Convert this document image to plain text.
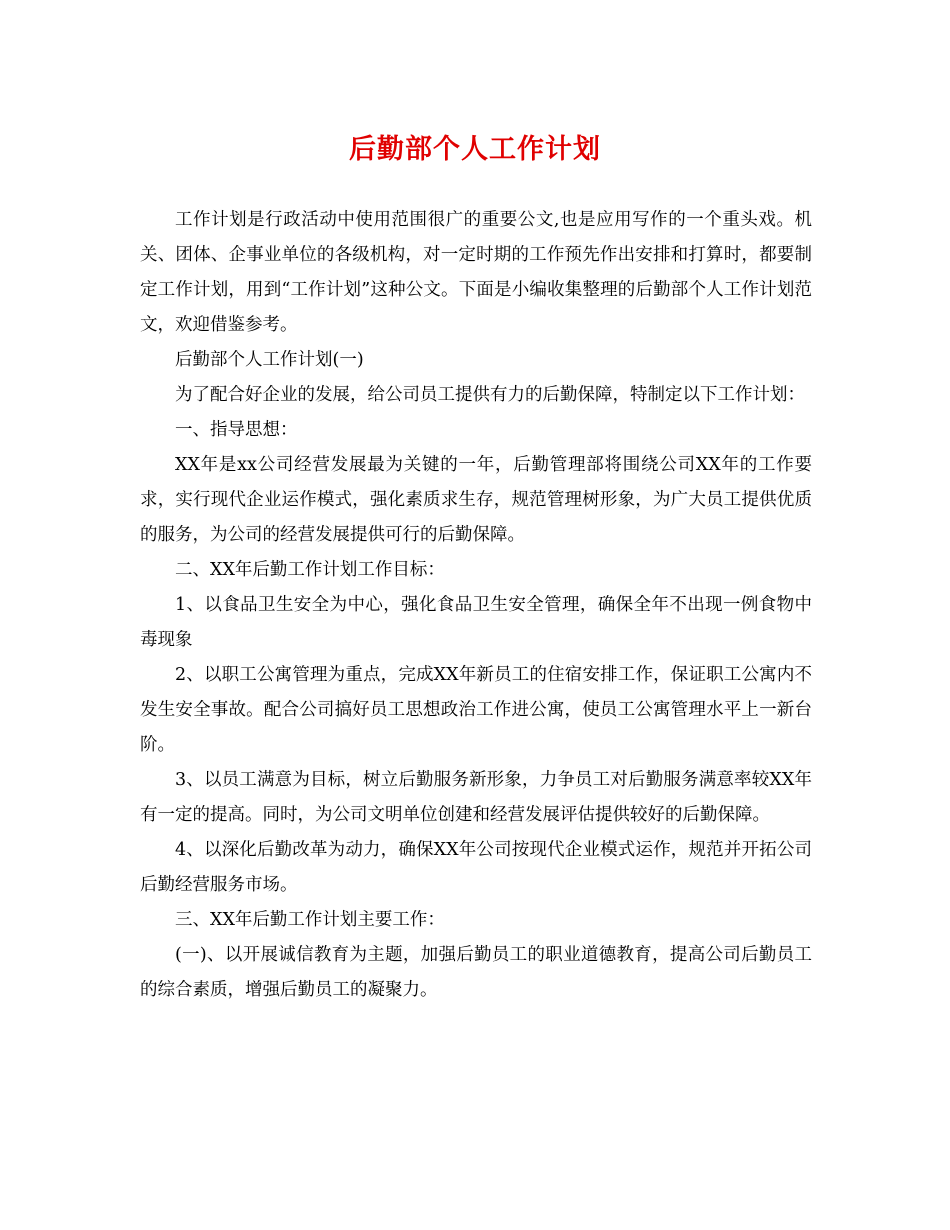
后勤部个人工作计划

工作计划是行政活动中使用范围很广的重要公文,也是应用写作的一个重头戏。机关、团体、企事业单位的各级机构，对一定时期的工作预先作出安排和打算时，都要制定工作计划，用到“工作计划”这种公文。下面是小编收集整理的后勤部个人工作计划范文，欢迎借鉴参考。

后勤部个人工作计划(一)

为了配合好企业的发展，给公司员工提供有力的后勤保障，特制定以下工作计划：

一、指导思想：

XX年是xx公司经营发展最为关键的一年，后勤管理部将围绕公司XX年的工作要求，实行现代企业运作模式，强化素质求生存，规范管理树形象，为广大员工提供优质的服务，为公司的经营发展提供可行的后勤保障。

二、XX年后勤工作计划工作目标：

1、以食品卫生安全为中心，强化食品卫生安全管理，确保全年不出现一例食物中毒现象

2、以职工公寓管理为重点，完成XX年新员工的住宿安排工作，保证职工公寓内不发生安全事故。配合公司搞好员工思想政治工作进公寓，使员工公寓管理水平上一新台阶。

3、以员工满意为目标，树立后勤服务新形象，力争员工对后勤服务满意率较XX年有一定的提高。同时，为公司文明单位创建和经营发展评估提供较好的后勤保障。

4、以深化后勤改革为动力，确保XX年公司按现代企业模式运作，规范并开拓公司后勤经营服务市场。

三、XX年后勤工作计划主要工作：

(一)、以开展诚信教育为主题，加强后勤员工的职业道德教育，提高公司后勤员工的综合素质，增强后勤员工的凝聚力。
